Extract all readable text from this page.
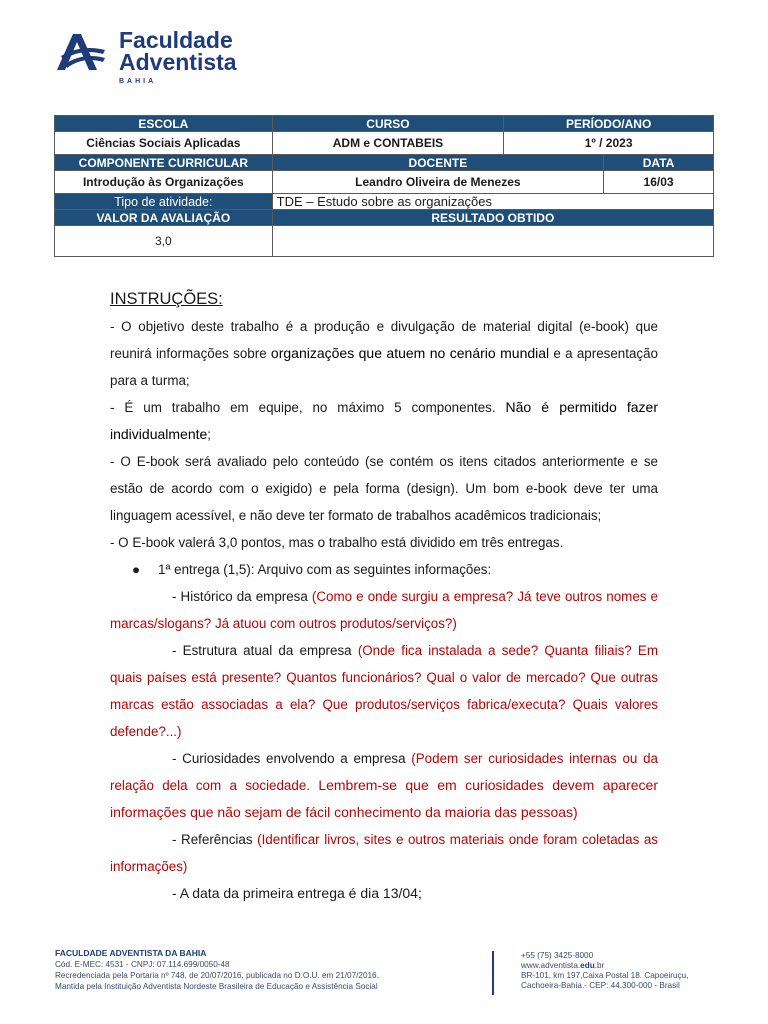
Faculdade
Adventista
BAHIA
ESCOLA	CURSO	PERÍODO/ANO	
Ciências Sociais Aplicadas	ADM e CONTABEIS	1º / 2023	
COMPONENTE CURRICULAR	DOCENTE		DATA
Introdução às Organizações	Leandro Oliveira de Menezes		16/03
Tipo de atividade:	TDE – Estudo sobre as organizações		
VALOR DA AVALIAÇÃO	RESULTADO OBTIDO		
3,0			

INSTRUÇÕES:

- O objetivo deste trabalho é a produção e divulgação de material digital (e-book) que reunirá informações sobre organizações que atuem no cenário mundial e a apresentação para a turma;

- É um trabalho em equipe, no máximo 5 componentes. Não é permitido fazer individualmente;

- O E-book será avaliado pelo conteúdo (se contém os itens citados anteriormente e se estão de acordo com o exigido) e pela forma (design). Um bom e-book deve ter uma linguagem acessível, e não deve ter formato de trabalhos acadêmicos tradicionais;

- O E-book valerá 3,0 pontos, mas o trabalho está dividido em três entregas.

● 1ª entrega (1,5): Arquivo com as seguintes informações:

- Histórico da empresa (Como e onde surgiu a empresa? Já teve outros nomes e marcas/slogans? Já atuou com outros produtos/serviços?)

- Estrutura atual da empresa (Onde fica instalada a sede? Quanta filiais? Em quais países está presente? Quantos funcionários? Qual o valor de mercado? Que outras marcas estão associadas a ela? Que produtos/serviços fabrica/executa? Quais valores defende?...)

- Curiosidades envolvendo a empresa (Podem ser curiosidades internas ou da relação dela com a sociedade. Lembrem-se que em curiosidades devem aparecer informações que não sejam de fácil conhecimento da maioria das pessoas)

- Referências (Identificar livros, sites e outros materiais onde foram coletadas as informações)

- A data da primeira entrega é dia 13/04;

FACULDADE ADVENTISTA DA BAHIA
Cód. E-MEC: 4531 - CNPJ: 07.114.699/0050-48
Recredenciada pela Portaria nº 748, de 20/07/2016, publicada no D.O.U. em 21/07/2016.
Mantida pela Instituição Adventista Nordeste Brasileira de Educação e Assistência Social
+55 (75) 3425-8000
www.adventista.edu.br
BR-101, km 197,Caixa Postal 18. Capoeiruçu,
Cachoeira-Bahia.- CEP: 44.300-000 - Brasil
